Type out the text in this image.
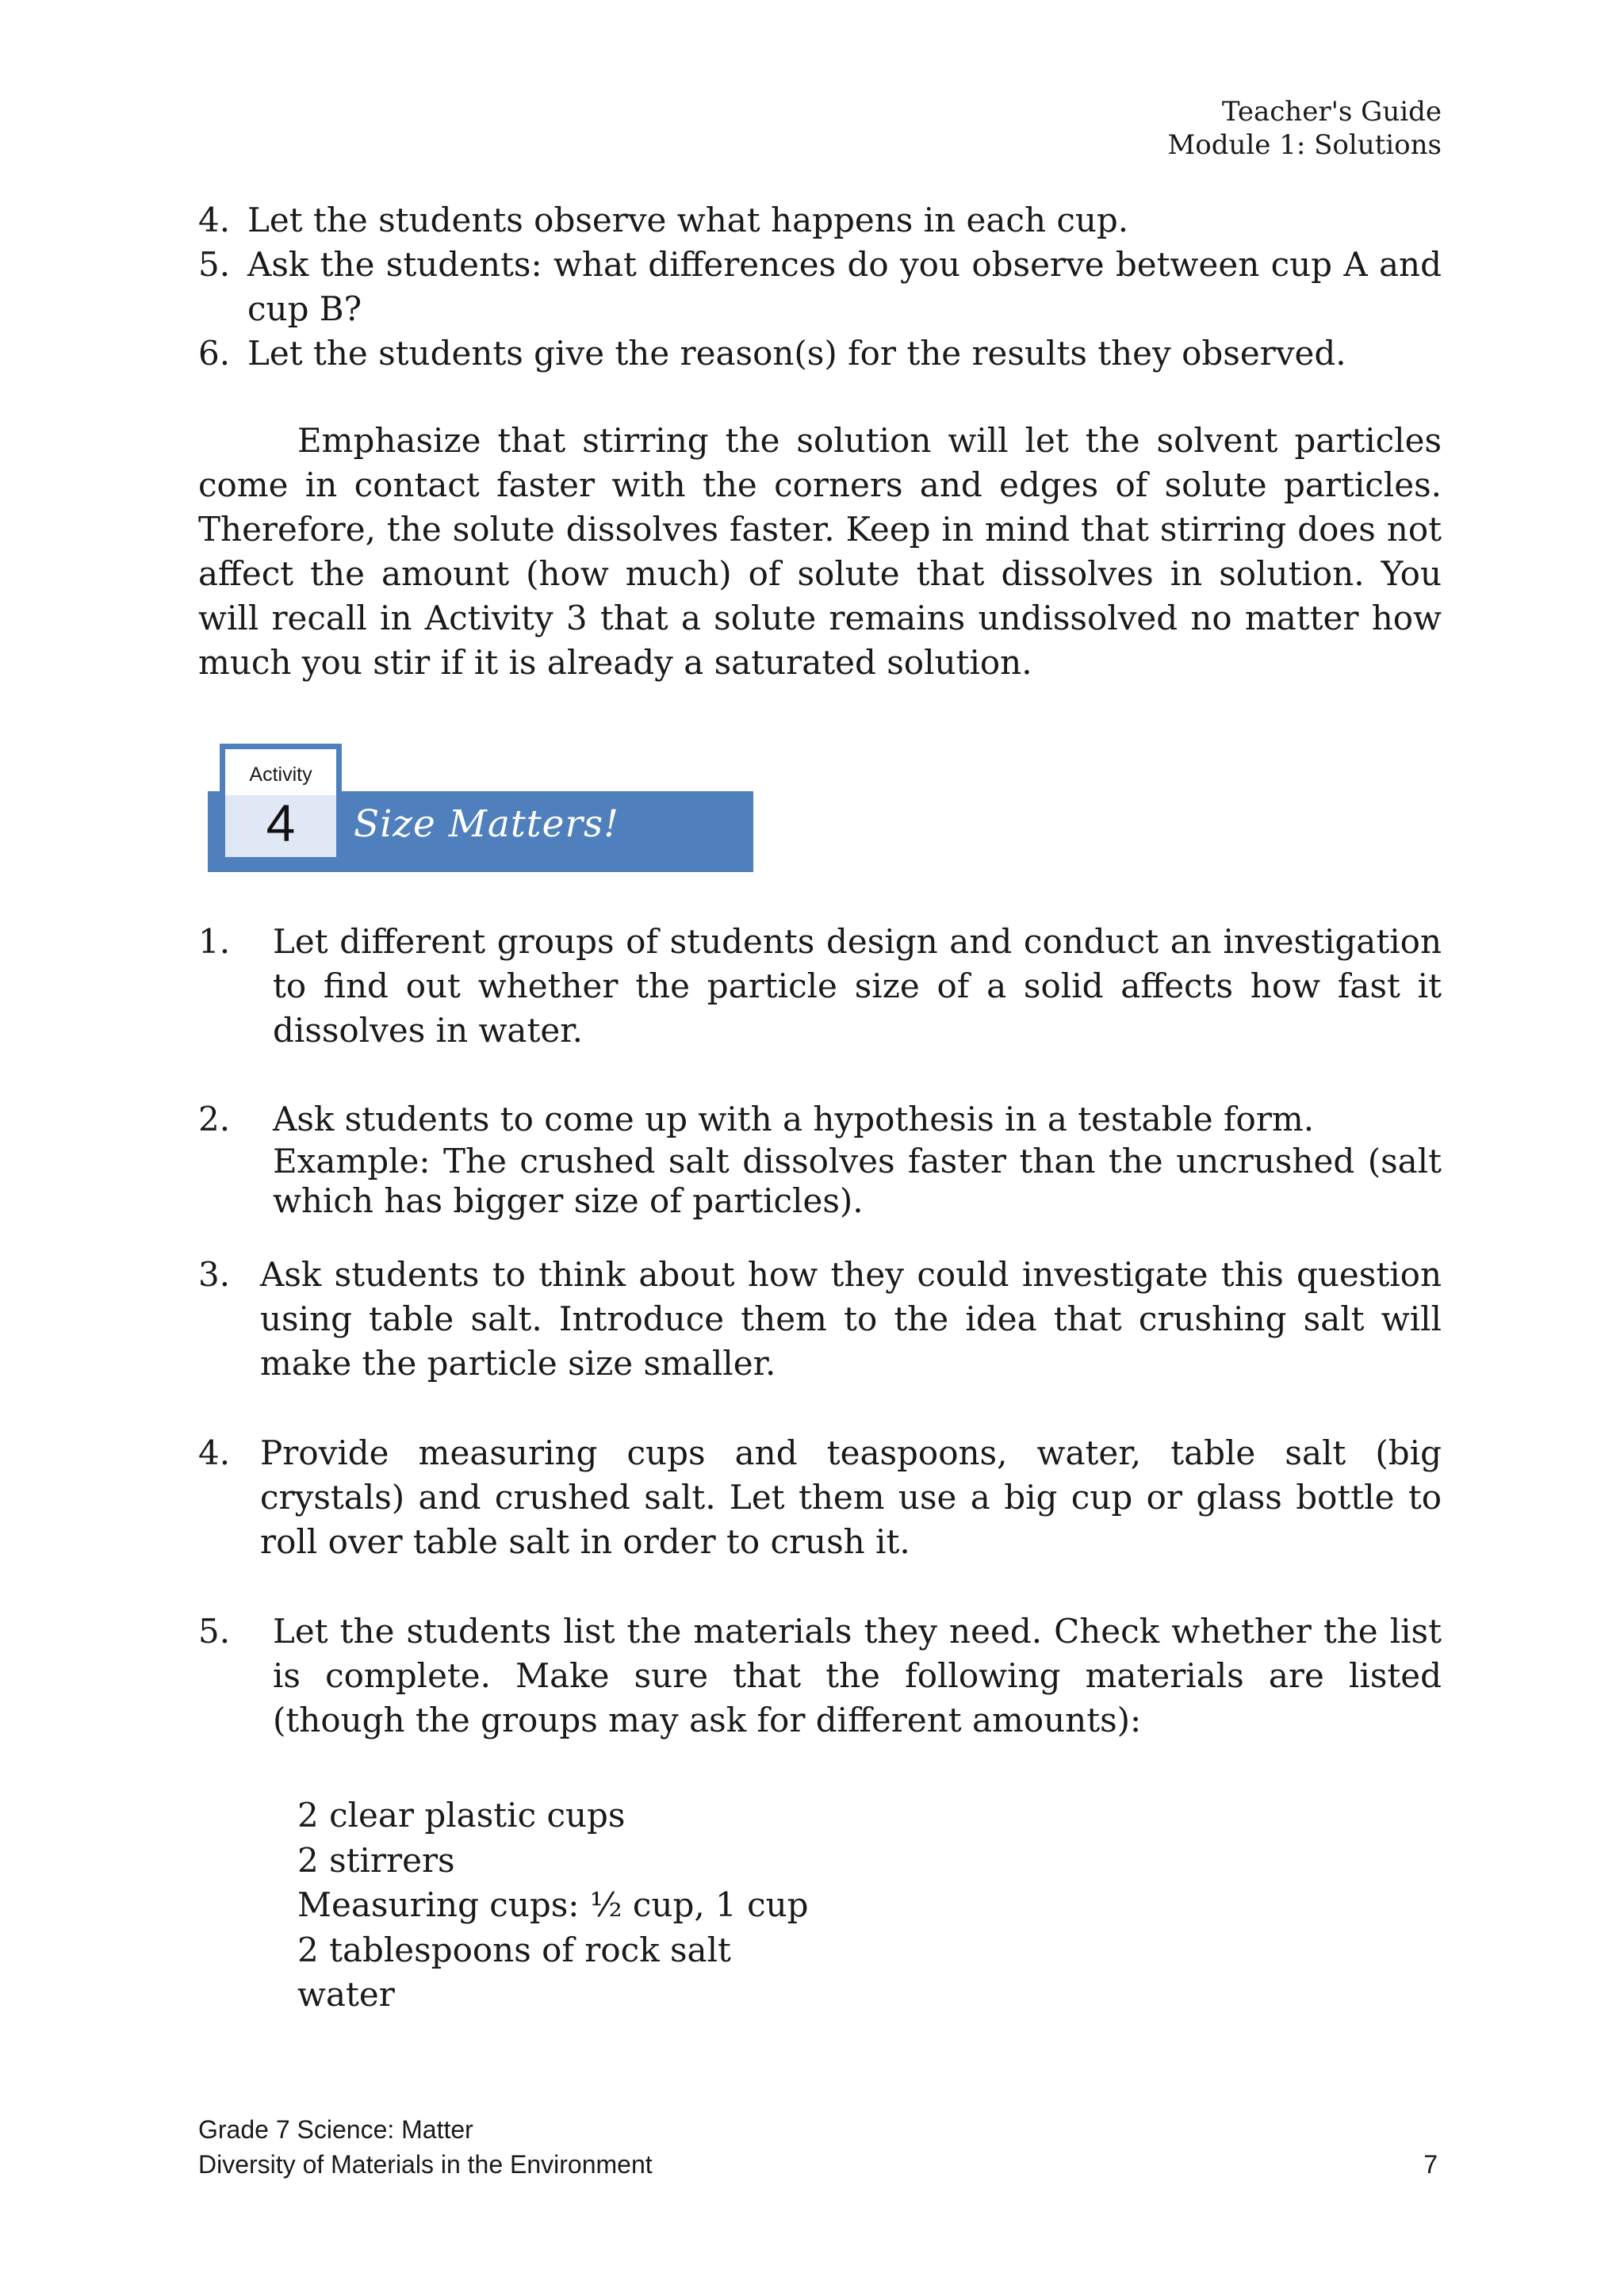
Teacher's Guide
Module 1: Solutions
4. Let the students observe what happens in each cup.
5. Ask the students: what differences do you observe between cup A and cup B?
6. Let the students give the reason(s) for the results they observed.
Emphasize that stirring the solution will let the solvent particles come in contact faster with the corners and edges of solute particles. Therefore, the solute dissolves faster. Keep in mind that stirring does not affect the amount (how much) of solute that dissolves in solution. You will recall in Activity 3 that a solute remains undissolved no matter how much you stir if it is already a saturated solution.
Activity
4	Size Matters!
1.	Let different groups of students design and conduct an investigation to find out whether the particle size of a solid affects how fast it dissolves in water.
2.	Ask students to come up with a hypothesis in a testable form.
Example: The crushed salt dissolves faster than the uncrushed (salt which has bigger size of particles).
3. Ask students to think about how they could investigate this question using table salt. Introduce them to the idea that crushing salt will make the particle size smaller.
4. Provide measuring cups and teaspoons, water, table salt (big crystals) and crushed salt. Let them use a big cup or glass bottle to roll over table salt in order to crush it.
5.	Let the students list the materials they need. Check whether the list is complete. Make sure that the following materials are listed (though the groups may ask for different amounts):
2 clear plastic cups
2 stirrers
Measuring cups: ½ cup, 1 cup
2 tablespoons of rock salt
water
Grade 7 Science: Matter
Diversity of Materials in the Environment	7
